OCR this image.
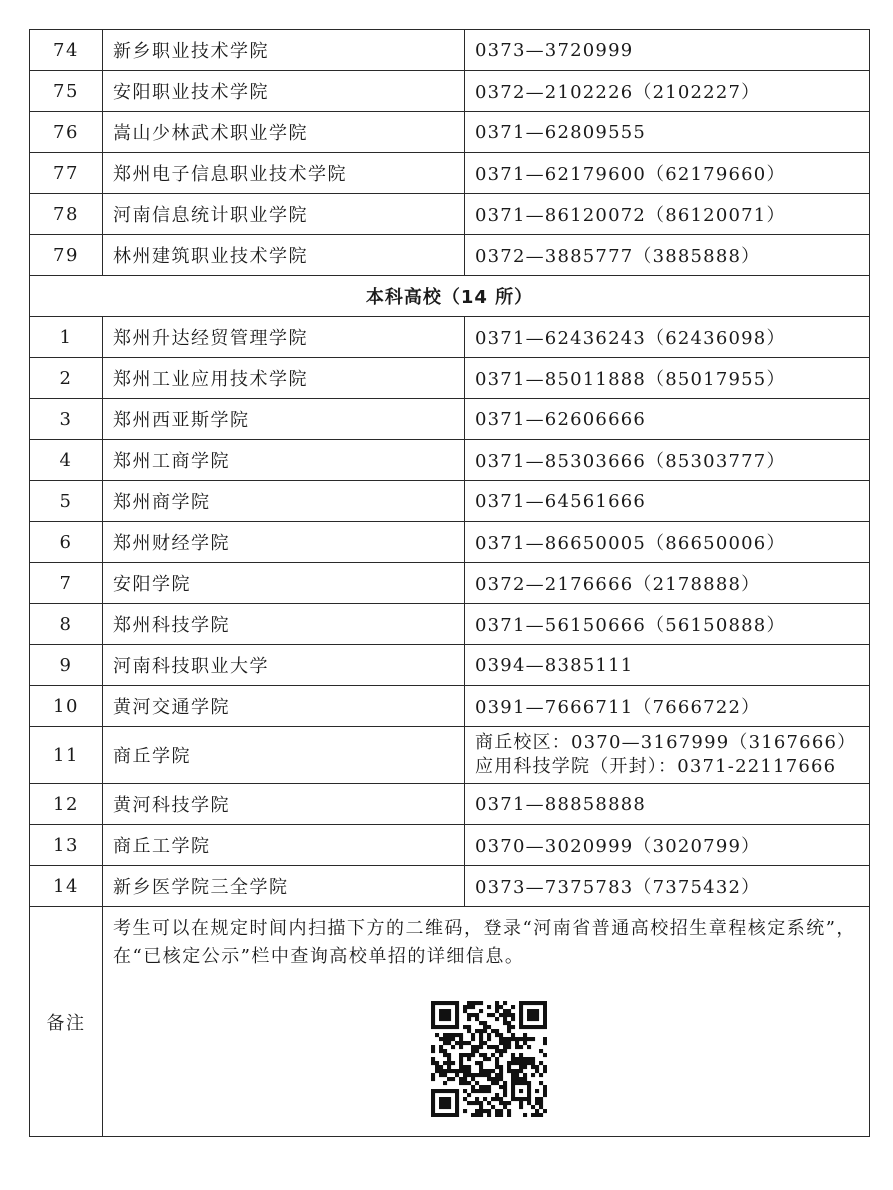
74	新乡职业技术学院	0373—3720999
75	安阳职业技术学院	0372—2102226（2102227）
76	嵩山少林武术职业学院	0371—62809555
77	郑州电子信息职业技术学院	0371—62179600（62179660）
78	河南信息统计职业学院	0371—86120072（86120071）
79	林州建筑职业技术学院	0372—3885777（3885888）
本科高校（14 所）		
1	郑州升达经贸管理学院	0371—62436243（62436098）
2	郑州工业应用技术学院	0371—85011888（85017955）
3	郑州西亚斯学院	0371—62606666
4	郑州工商学院	0371—85303666（85303777）
5	郑州商学院	0371—64561666
6	郑州财经学院	0371—86650005（86650006）
7	安阳学院	0372—2176666（2178888）
8	郑州科技学院	0371—56150666（56150888）
9	河南科技职业大学	0394—8385111
10	黄河交通学院	0391—7666711（7666722）
11	商丘学院	商丘校区：0370—3167999（3167666）
应用科技学院（开封）：0371-22117666

12	黄河科技学院	0371—88858888
13	商丘工学院	0370—3020999（3020799）
14	新乡医学院三全学院	0373—7375783（7375432）
备注	考生可以在规定时间内扫描下方的二维码，登录“河南省普通高校招生章程核定系统”，在“已核定公示”栏中查询高校单招的详细信息。	
